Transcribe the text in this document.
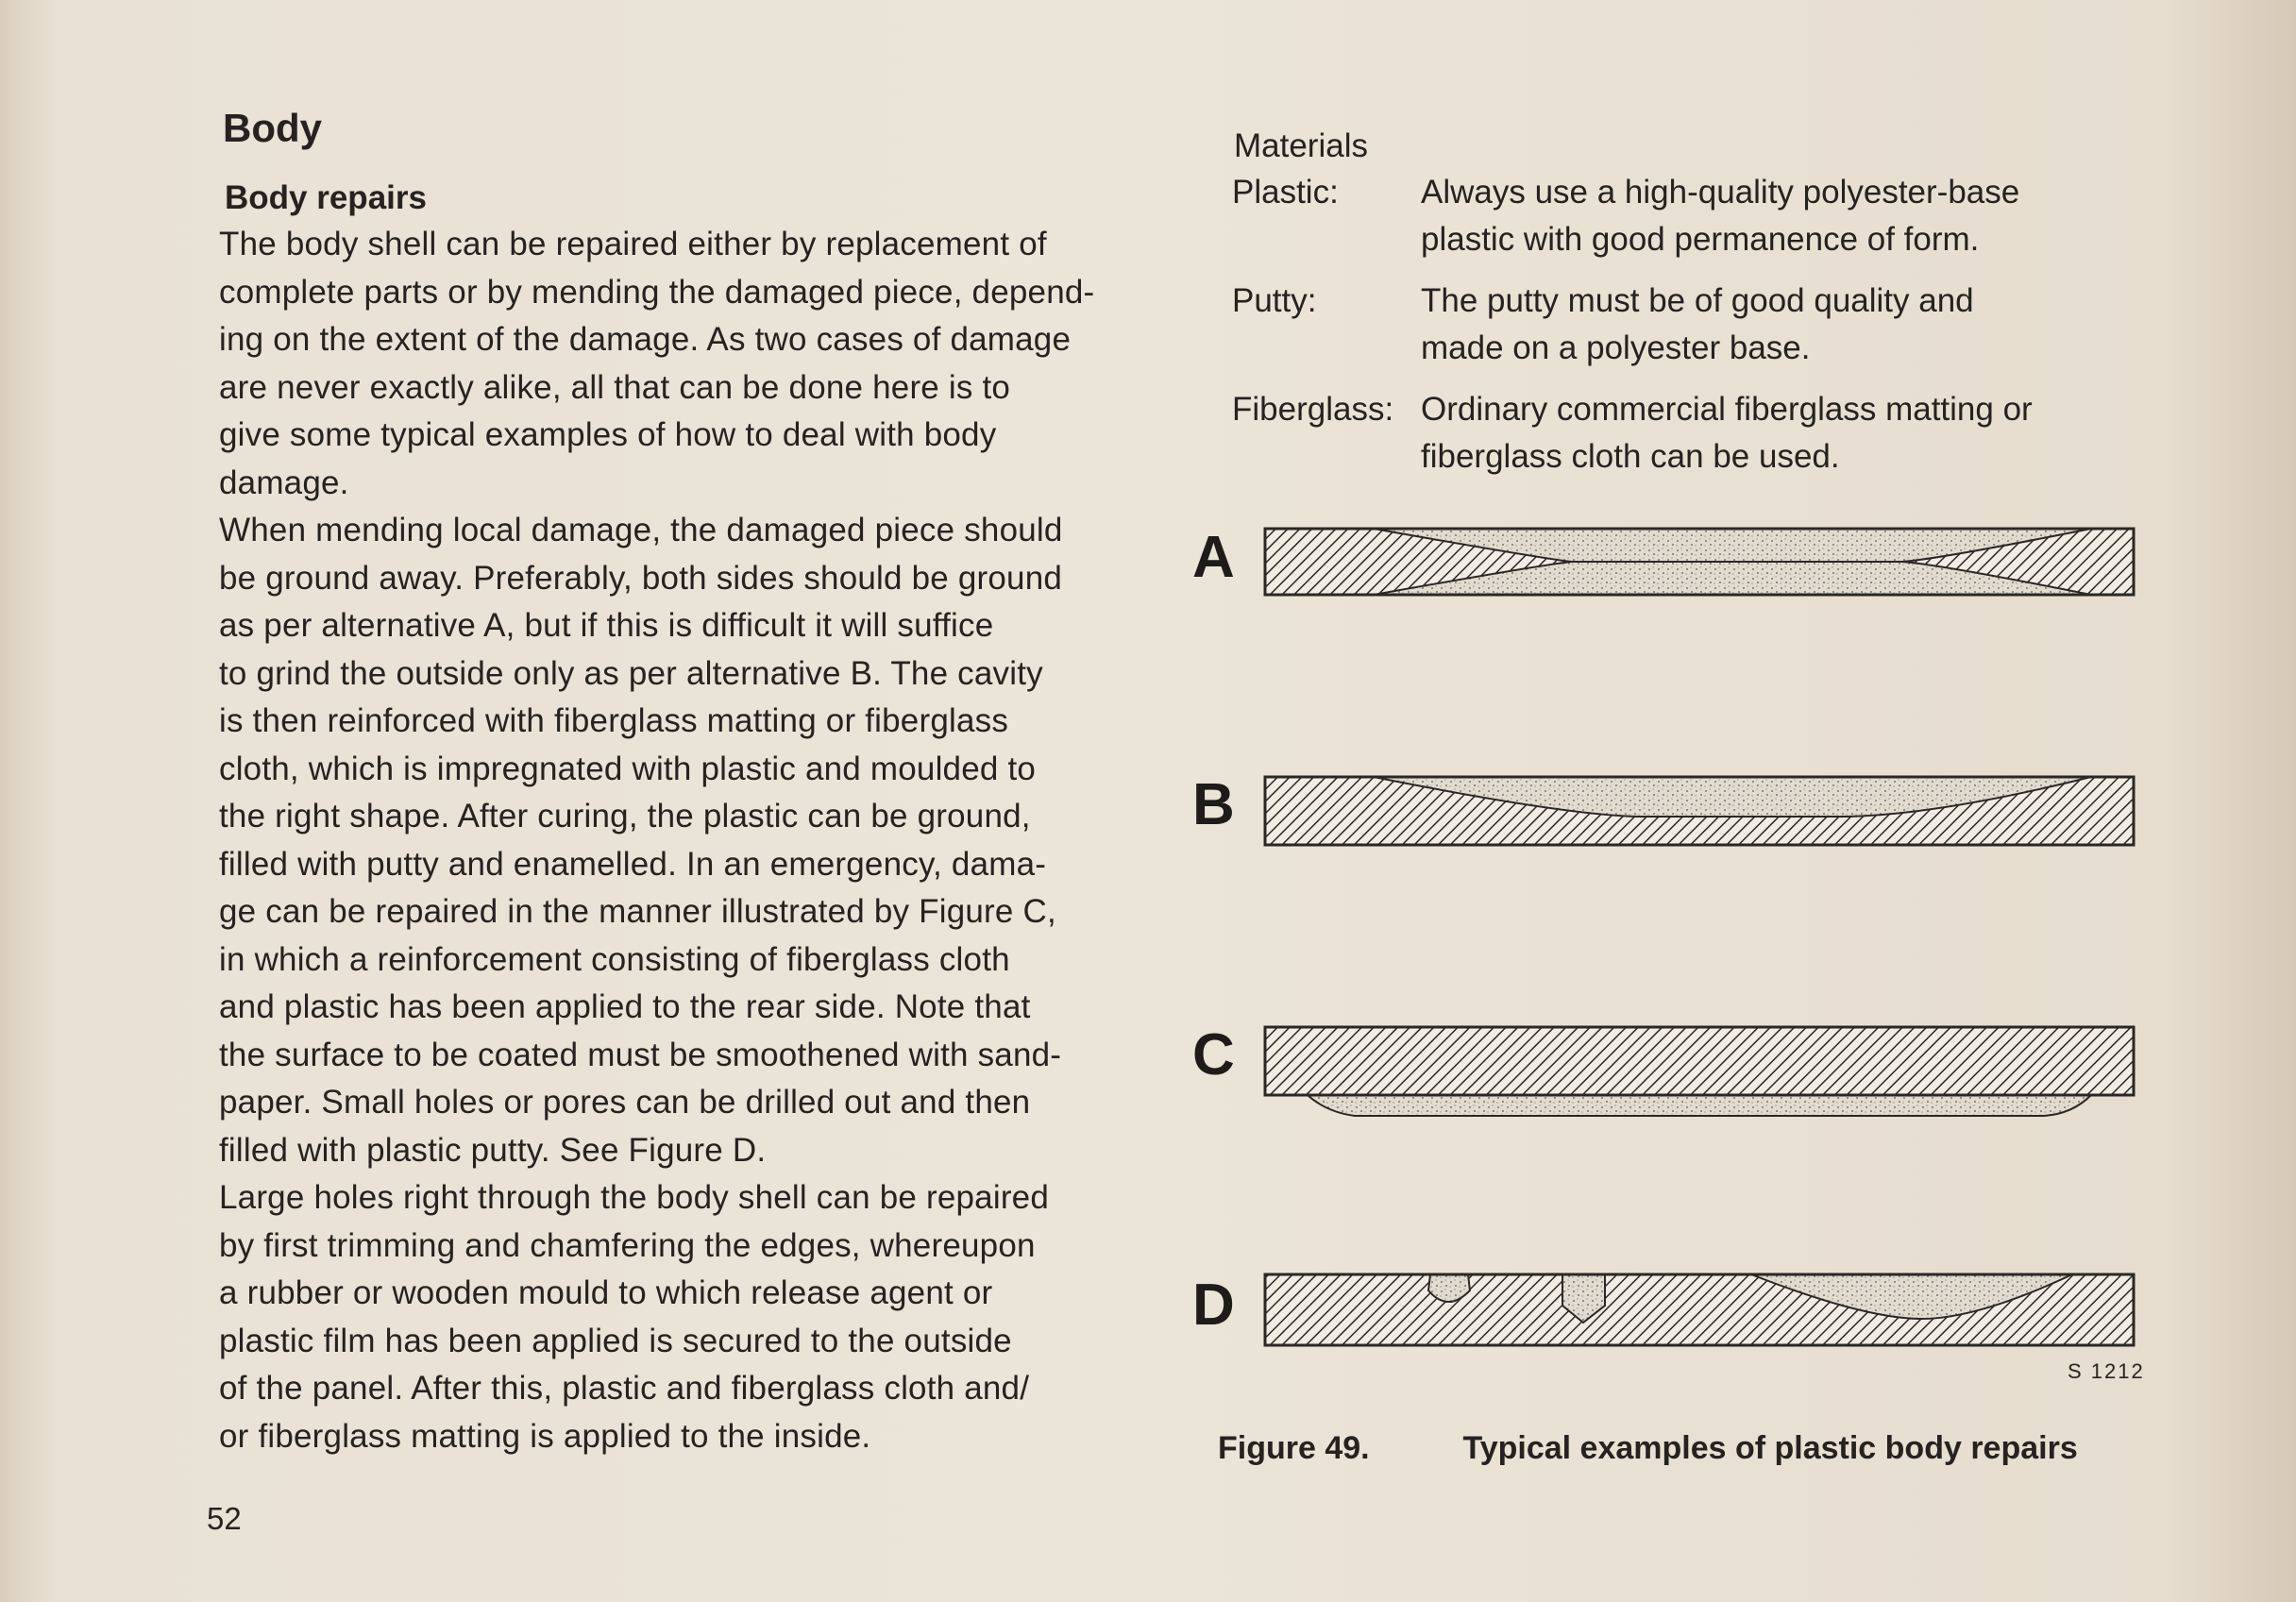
Body
Body repairs

The body shell can be repaired either by replacement of
complete parts or by mending the damaged piece, depend-
ing on the extent of the damage. As two cases of damage
are never exactly alike, all that can be done here is to
give some typical examples of how to deal with body
damage.

When mending local damage, the damaged piece should
be ground away. Preferably, both sides should be ground
as per alternative A, but if this is difficult it will suffice
to grind the outside only as per alternative B. The cavity
is then reinforced with fiberglass matting or fiberglass
cloth, which is impregnated with plastic and moulded to
the right shape. After curing, the plastic can be ground,
filled with putty and enamelled. In an emergency, dama-
ge can be repaired in the manner illustrated by Figure C,
in which a reinforcement consisting of fiberglass cloth
and plastic has been applied to the rear side. Note that
the surface to be coated must be smoothened with sand-
paper. Small holes or pores can be drilled out and then
filled with plastic putty. See Figure D.

Large holes right through the body shell can be repaired
by first trimming and chamfering the edges, whereupon
a rubber or wooden mould to which release agent or
plastic film has been applied is secured to the outside
of the panel. After this, plastic and fiberglass cloth and/
or fiberglass matting is applied to the inside.

52
Materials
Plastic:	Always use a high-quality polyester-base
plastic with good permanence of form.
Putty:	The putty must be of good quality and
made on a polyester base.
Fiberglass: Ordinary commercial fiberglass matting or
fiberglass cloth can be used.
A
B
C
D
S 1212
Figure 49.	Typical examples of plastic body repairs
